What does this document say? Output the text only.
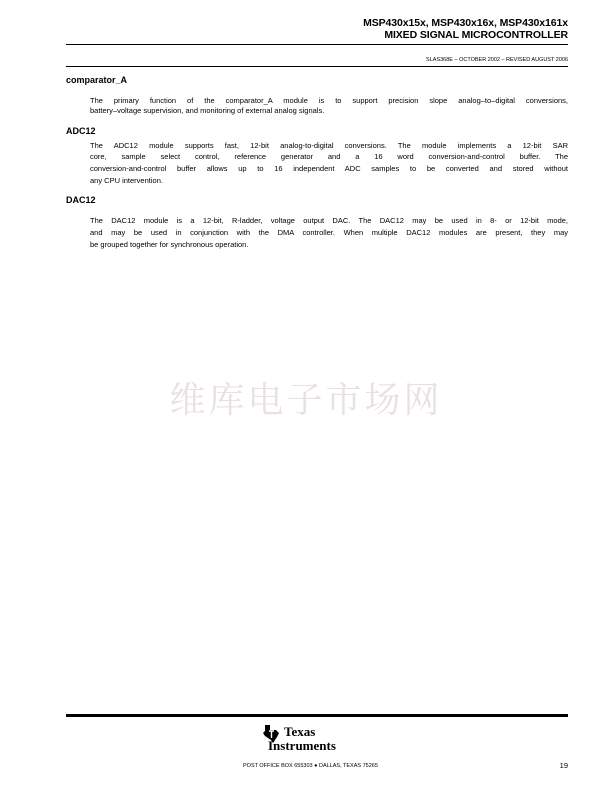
MSP430x15x, MSP430x16x, MSP430x161x
MIXED SIGNAL MICROCONTROLLER
SLAS368E – OCTOBER 2002 – REVISED AUGUST 2006
comparator_A
The primary function of the comparator_A module is to support precision slope analog–to–digital conversions,
battery–voltage supervision, and monitoring of external analog signals.
ADC12
The ADC12 module supports fast, 12-bit analog-to-digital conversions. The module implements a 12-bit SAR
core, sample select control, reference generator and a 16 word conversion-and-control buffer. The
conversion-and-control buffer allows up to 16 independent ADC samples to be converted and stored without
any CPU intervention.
DAC12
The DAC12 module is a 12-bit, R-ladder, voltage output DAC. The DAC12 may be used in 8- or 12-bit mode,
and may be used in conjunction with the DMA controller. When multiple DAC12 modules are present, they may
be grouped together for synchronous operation.
维库电子市场网
Texas
Instruments
POST OFFICE BOX 655303 ● DALLAS, TEXAS 75265	19
